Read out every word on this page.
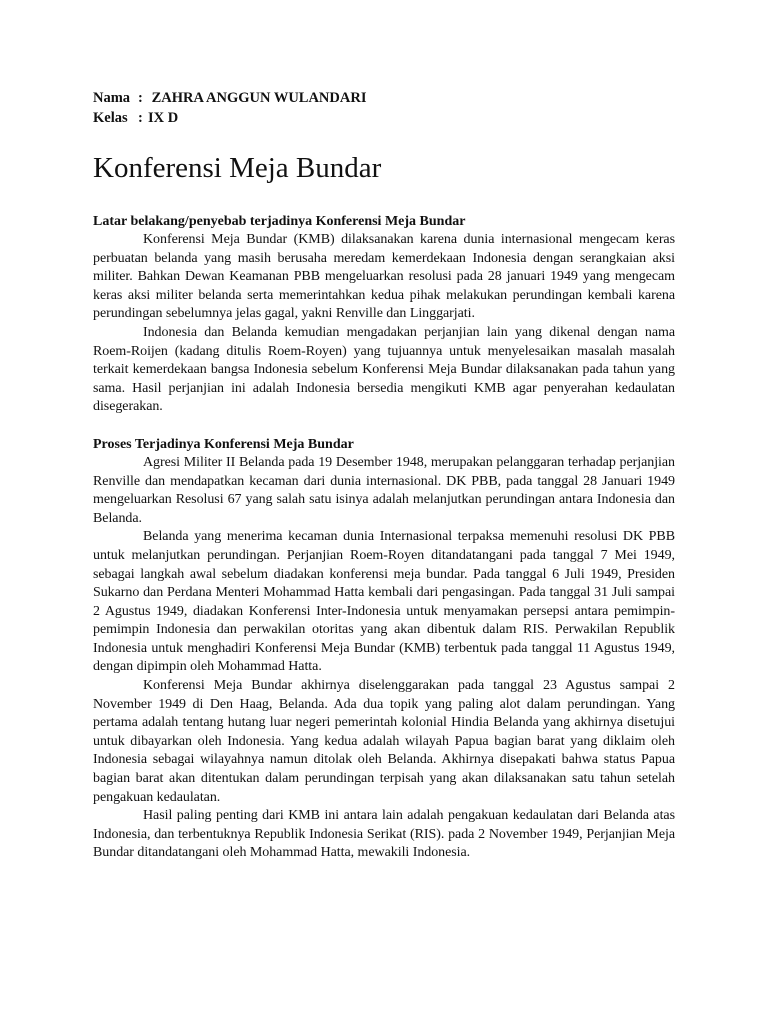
Nama : ZAHRA ANGGUN WULANDARI
Kelas : IX D
Konferensi Meja Bundar
Latar belakang/penyebab terjadinya Konferensi Meja Bundar

Konferensi Meja Bundar (KMB) dilaksanakan karena dunia internasional mengecam keras perbuatan belanda yang masih berusaha meredam kemerdekaan Indonesia dengan serangkaian aksi militer. Bahkan Dewan Keamanan PBB mengeluarkan resolusi pada 28 januari 1949 yang mengecam keras aksi militer belanda serta memerintahkan kedua pihak melakukan perundingan kembali karena perundingan sebelumnya jelas gagal, yakni Renville dan Linggarjati.

Indonesia dan Belanda kemudian mengadakan perjanjian lain yang dikenal dengan nama Roem-Roijen (kadang ditulis Roem-Royen) yang tujuannya untuk menyelesaikan masalah masalah terkait kemerdekaan bangsa Indonesia sebelum Konferensi Meja Bundar dilaksanakan pada tahun yang sama. Hasil perjanjian ini adalah Indonesia bersedia mengikuti KMB agar penyerahan kedaulatan disegerakan.

Proses Terjadinya Konferensi Meja Bundar

Agresi Militer II Belanda pada 19 Desember 1948, merupakan pelanggaran terhadap perjanjian Renville dan mendapatkan kecaman dari dunia internasional. DK PBB, pada tanggal 28 Januari 1949 mengeluarkan Resolusi 67 yang salah satu isinya adalah melanjutkan perundingan antara Indonesia dan Belanda.

Belanda yang menerima kecaman dunia Internasional terpaksa memenuhi resolusi DK PBB untuk melanjutkan perundingan. Perjanjian Roem-Royen ditandatangani pada tanggal 7 Mei 1949, sebagai langkah awal sebelum diadakan konferensi meja bundar. Pada tanggal 6 Juli 1949, Presiden Sukarno dan Perdana Menteri Mohammad Hatta kembali dari pengasingan. Pada tanggal 31 Juli sampai 2 Agustus 1949, diadakan Konferensi Inter-Indonesia untuk menyamakan persepsi antara pemimpin-pemimpin Indonesia dan perwakilan otoritas yang akan dibentuk dalam RIS. Perwakilan Republik Indonesia untuk menghadiri Konferensi Meja Bundar (KMB) terbentuk pada tanggal 11 Agustus 1949, dengan dipimpin oleh Mohammad Hatta.

Konferensi Meja Bundar akhirnya diselenggarakan pada tanggal 23 Agustus sampai 2 November 1949 di Den Haag, Belanda. Ada dua topik yang paling alot dalam perundingan. Yang pertama adalah tentang hutang luar negeri pemerintah kolonial Hindia Belanda yang akhirnya disetujui untuk dibayarkan oleh Indonesia. Yang kedua adalah wilayah Papua bagian barat yang diklaim oleh Indonesia sebagai wilayahnya namun ditolak oleh Belanda. Akhirnya disepakati bahwa status Papua bagian barat akan ditentukan dalam perundingan terpisah yang akan dilaksanakan satu tahun setelah pengakuan kedaulatan.

Hasil paling penting dari KMB ini antara lain adalah pengakuan kedaulatan dari Belanda atas Indonesia, dan terbentuknya Republik Indonesia Serikat (RIS). pada 2 November 1949, Perjanjian Meja Bundar ditandatangani oleh Mohammad Hatta, mewakili Indonesia.
